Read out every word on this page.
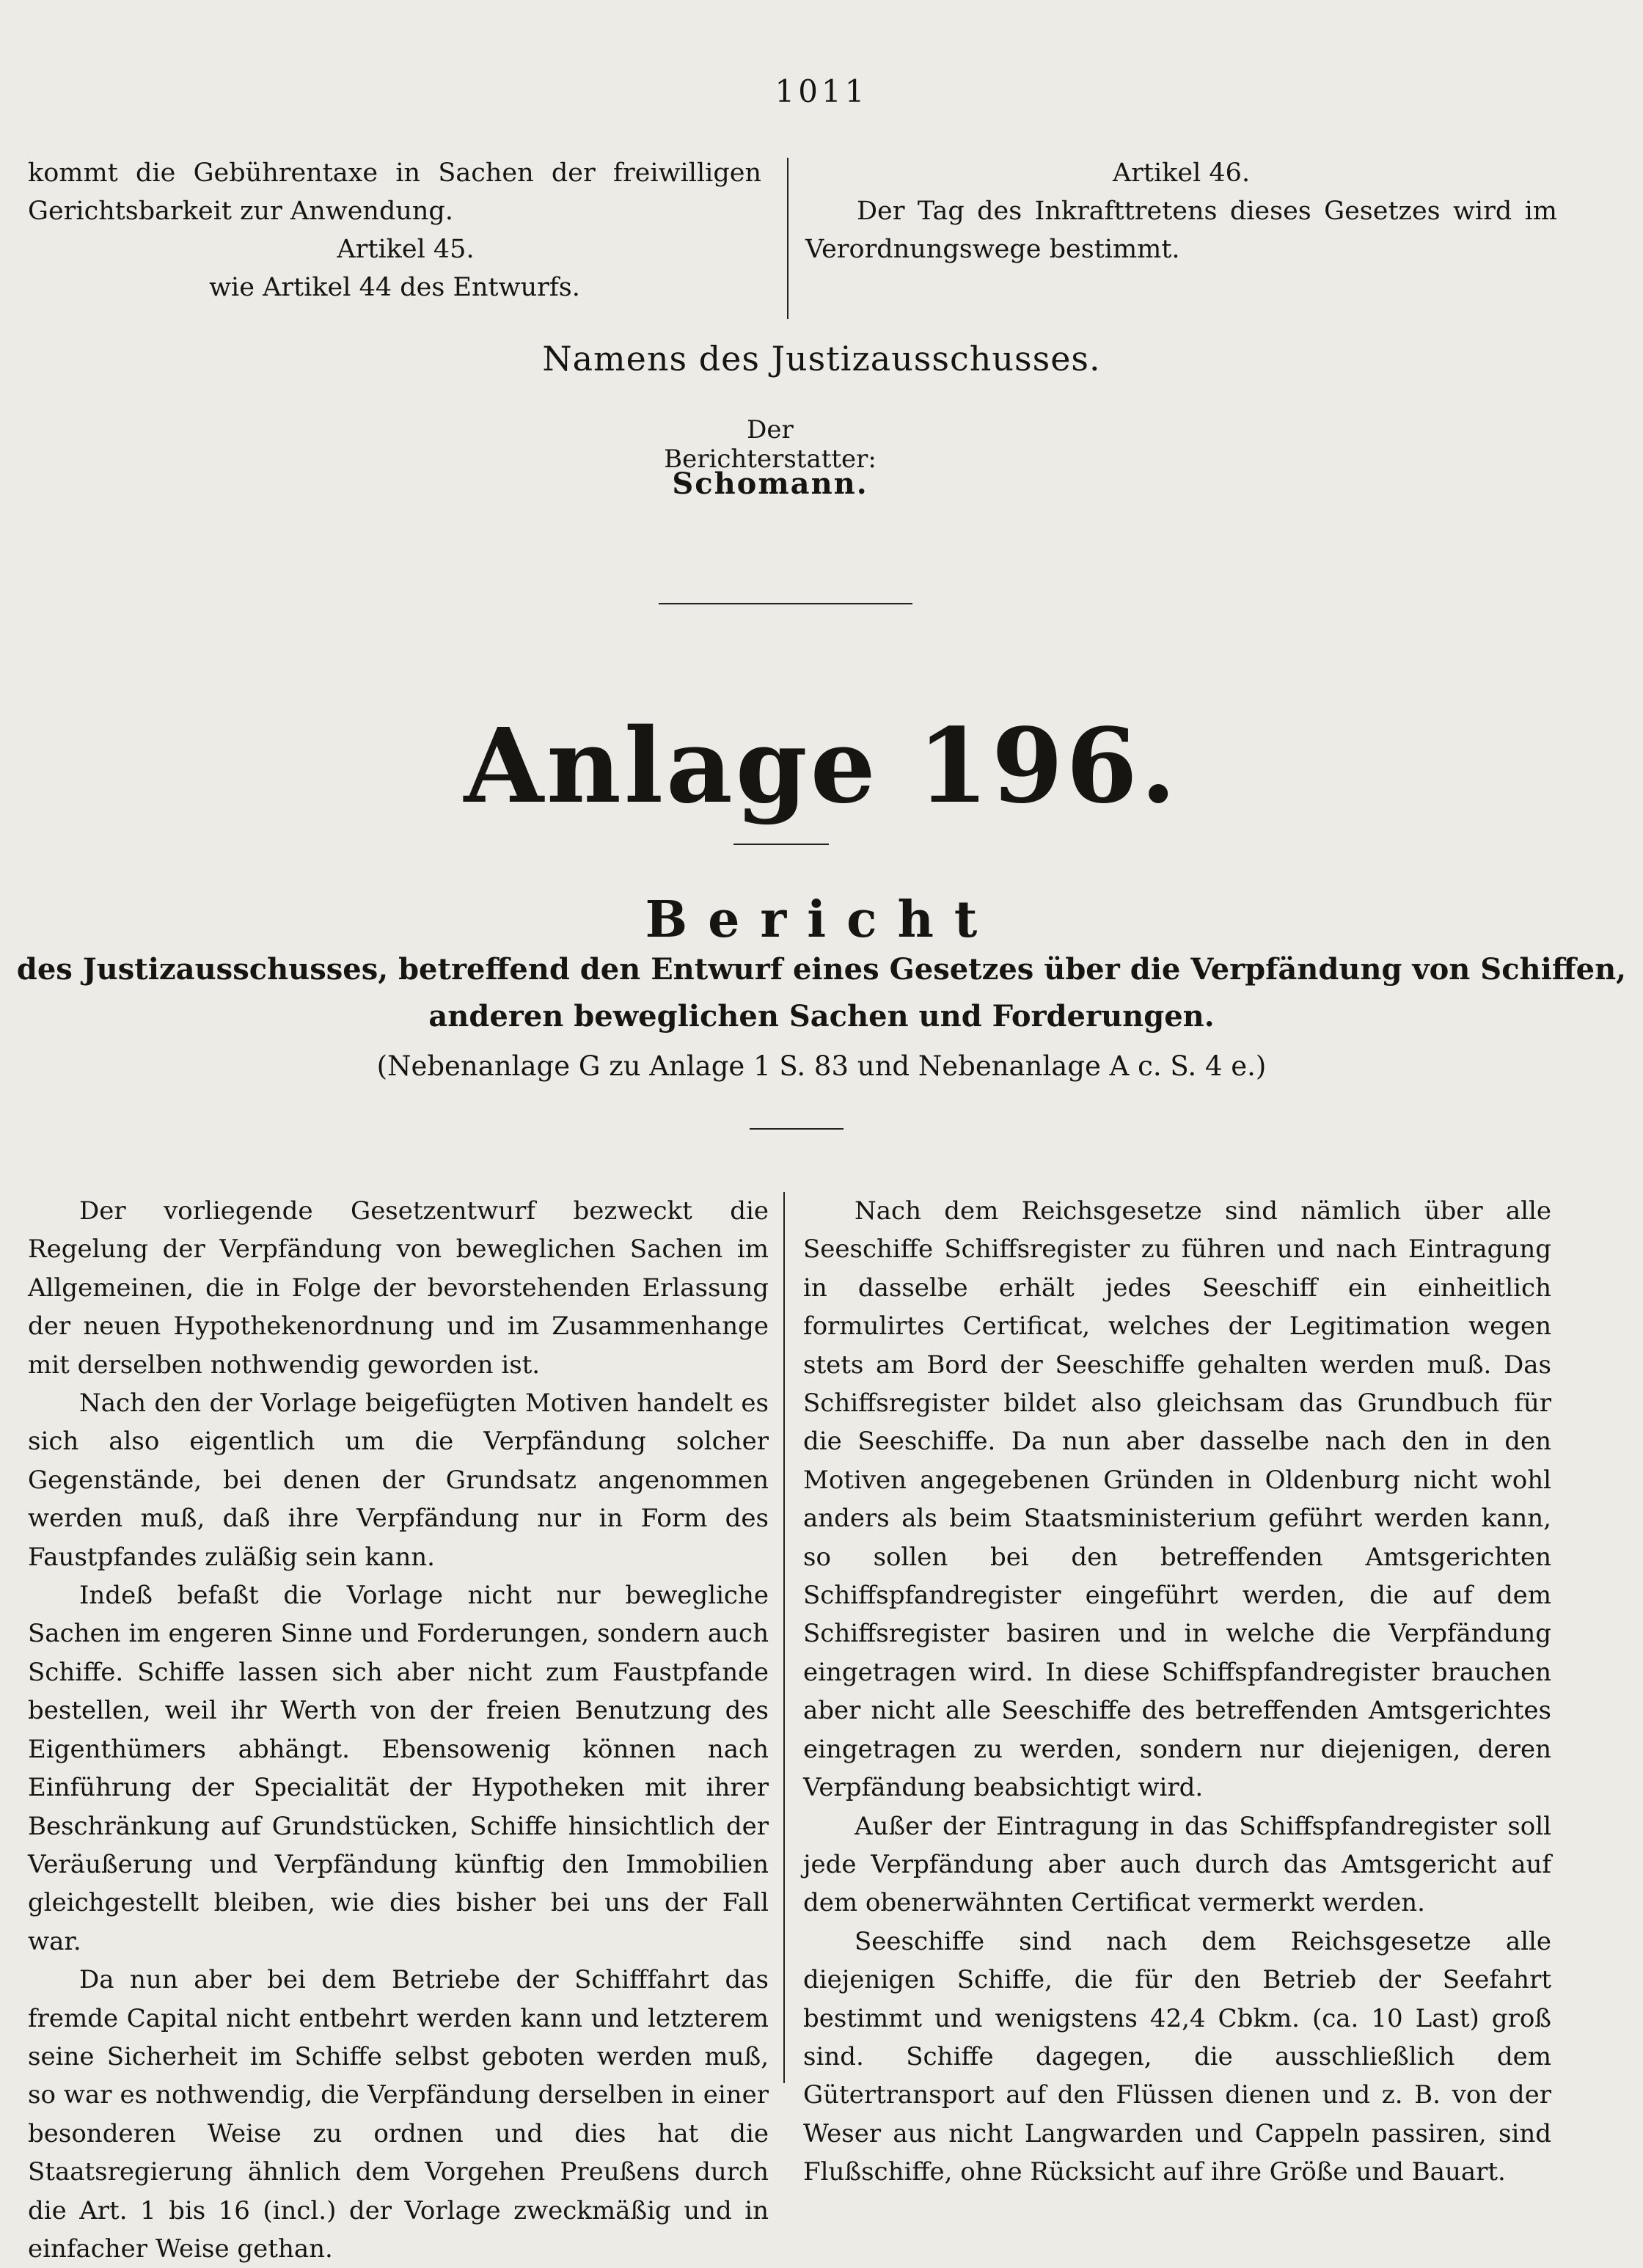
1011

kommt die Gebührentaxe in Sachen der freiwilligen Gerichtsbarkeit zur Anwendung.

Artikel 45.

wie Artikel 44 des Entwurfs.

Artikel 46.

Der Tag des Inkrafttretens dieses Gesetzes wird im Verordnungswege bestimmt.

Namens des Justizausschusses.
Der Berichterstatter:
Schomann.
Anlage 196.
Bericht
des Justizausschusses, betreffend den Entwurf eines Gesetzes über die Verpfändung von Schiffen,
anderen beweglichen Sachen und Forderungen.
(Nebenanlage G zu Anlage 1 S. 83 und Nebenanlage A c. S. 4 e.)

Der vorliegende Gesetzentwurf bezweckt die Regelung der Verpfändung von beweglichen Sachen im Allgemeinen, die in Folge der bevorstehenden Erlassung der neuen Hypothekenordnung und im Zusammenhange mit derselben nothwendig geworden ist.

Nach den der Vorlage beigefügten Motiven handelt es sich also eigentlich um die Verpfändung solcher Gegenstände, bei denen der Grundsatz angenommen werden muß, daß ihre Verpfändung nur in Form des Faustpfandes zuläßig sein kann.

Indeß befaßt die Vorlage nicht nur bewegliche Sachen im engeren Sinne und Forderungen, sondern auch Schiffe. Schiffe lassen sich aber nicht zum Faustpfande bestellen, weil ihr Werth von der freien Benutzung des Eigenthümers abhängt. Ebensowenig können nach Einführung der Specialität der Hypotheken mit ihrer Beschränkung auf Grundstücken, Schiffe hinsichtlich der Veräußerung und Verpfändung künftig den Immobilien gleichgestellt bleiben, wie dies bisher bei uns der Fall war.

Da nun aber bei dem Betriebe der Schifffahrt das fremde Capital nicht entbehrt werden kann und letzterem seine Sicherheit im Schiffe selbst geboten werden muß, so war es nothwendig, die Verpfändung derselben in einer besonderen Weise zu ordnen und dies hat die Staatsregierung ähnlich dem Vorgehen Preußens durch die Art. 1 bis 16 (incl.) der Vorlage zweckmäßig und in einfacher Weise gethan.

Nach dem Reichsgesetze sind nämlich über alle Seeschiffe Schiffsregister zu führen und nach Eintragung in dasselbe erhält jedes Seeschiff ein einheitlich formulirtes Certificat, welches der Legitimation wegen stets am Bord der Seeschiffe gehalten werden muß. Das Schiffsregister bildet also gleichsam das Grundbuch für die Seeschiffe. Da nun aber dasselbe nach den in den Motiven angegebenen Gründen in Oldenburg nicht wohl anders als beim Staatsministerium geführt werden kann, so sollen bei den betreffenden Amtsgerichten Schiffspfandregister eingeführt werden, die auf dem Schiffsregister basiren und in welche die Verpfändung eingetragen wird. In diese Schiffspfandregister brauchen aber nicht alle Seeschiffe des betreffenden Amtsgerichtes eingetragen zu werden, sondern nur diejenigen, deren Verpfändung beabsichtigt wird.

Außer der Eintragung in das Schiffspfandregister soll jede Verpfändung aber auch durch das Amtsgericht auf dem obenerwähnten Certificat vermerkt werden.

Seeschiffe sind nach dem Reichsgesetze alle diejenigen Schiffe, die für den Betrieb der Seefahrt bestimmt und wenigstens 42,4 Cbkm. (ca. 10 Last) groß sind. Schiffe dagegen, die ausschließlich dem Gütertransport auf den Flüssen dienen und z. B. von der Weser aus nicht Langwarden und Cappeln passiren, sind Flußschiffe, ohne Rücksicht auf ihre Größe und Bauart.
